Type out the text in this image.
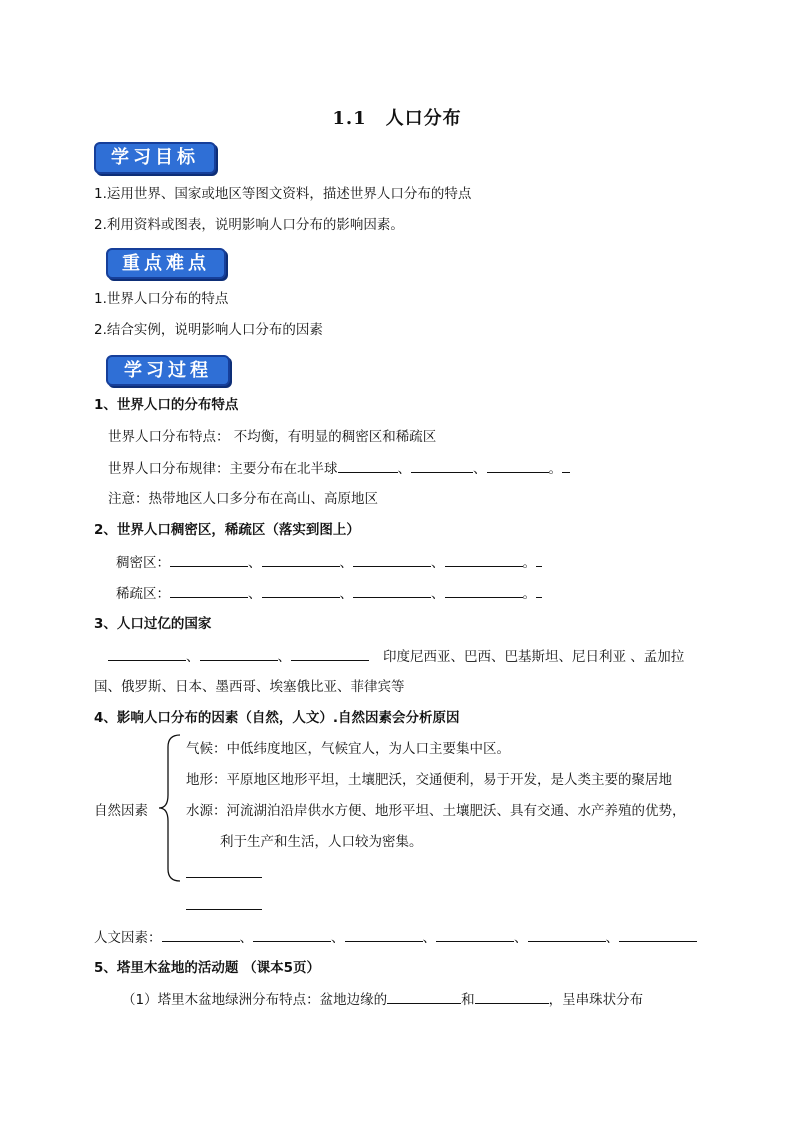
1.1　人口分布
学习目标
1.运用世界、国家或地区等图文资料，描述世界人口分布的特点
2.利用资料或图表，说明影响人口分布的影响因素。
重点难点
1.世界人口分布的特点
2.结合实例，说明影响人口分布的因素
学习过程
1、世界人口的分布特点
世界人口分布特点： 不均衡，有明显的稠密区和稀疏区
世界人口分布规律：主要分布在北半球	、	、	。
注意：热带地区人口多分布在高山、高原地区
2、世界人口稠密区，稀疏区（落实到图上）
稠密区：	、	、	、	。
稀疏区：	、	、	、	。
3、人口过亿的国家
、	、	印度尼西亚、巴西、巴基斯坦、尼日利亚 、孟加拉
国、俄罗斯、日本、墨西哥、埃塞俄比亚、菲律宾等
4、影响人口分布的因素（自然，人文）.自然因素会分析原因
气候：中低纬度地区，气候宜人，为人口主要集中区。
地形：平原地区地形平坦，土壤肥沃，交通便利，易于开发，是人类主要的聚居地
自然因素	水源：河流湖泊沿岸供水方便、地形平坦、土壤肥沃、具有交通、水产养殖的优势，
利于生产和生活，人口较为密集。
人文因素：	、	、	、	、	、
5、塔里木盆地的活动题 （课本5页）
（1）塔里木盆地绿洲分布特点：盆地边缘的	和	，呈串珠状分布
